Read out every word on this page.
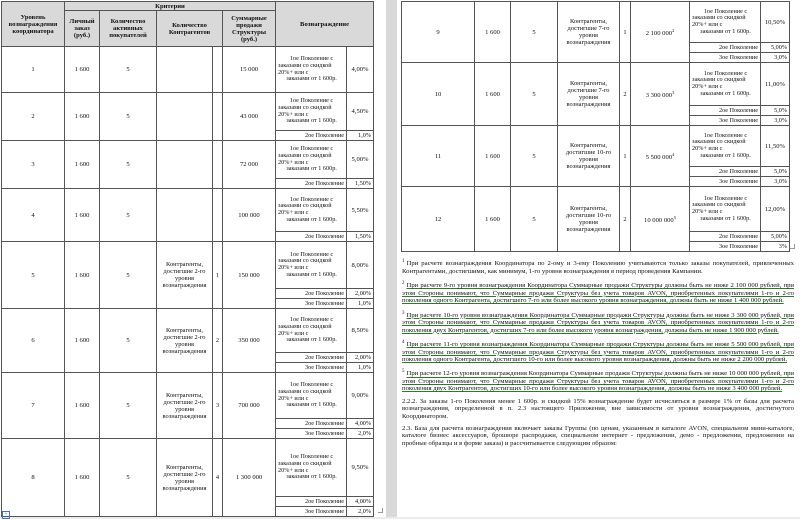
Уровень вознаграждения координатора	Критерии					Вознаграждение	
	Личный заказ (руб.)	Количество активных покупателей	Количество Контрагентов		Суммарные продажи Структуры (руб.)		
1	1 600	5			15 000	1ое Поколение с
заказами со скидкой 20%+ или с
заказами от 1 600р.	4,00%
2	1 600	5			43 000	1ое Поколение с
заказами со скидкой 20%+ или с
заказами от 1 600р.	4,50%
						2ое Поколение	1,0%
3	1 600	5			72 000	1ое Поколение с
заказами со скидкой 20%+ или с
заказами от 1 600р.	5,00%
						2ое Поколение	1,50%
4	1 600	5			100 000	1ое Поколение с
заказами со скидкой 20%+ или с
заказами от 1 600р.	5,50%
						2ое Поколение	1,50%
5	1 600	5	Контрагенты, достигшие 2-го уровня вознаграждения	1	150 000	1ое Поколение с
заказами со скидкой 20%+ или с
заказами от 1 600р.	8,00%
						2ое Поколение	2,00%
						3ое Поколение	1,0%
6	1 600	5	Контрагенты, достигшие 2-го уровня вознаграждения	2	350 000	1ое Поколение с
заказами со скидкой 20%+ или с
заказами от 1 600р.	8,50%
						2ое Поколение	2,00%
						3ое Поколение	1,0%
7	1 600	5	Контрагенты, достигшие 2-го уровня вознаграждения	3	700 000	1ое Поколение с
заказами со скидкой 20%+ или с
заказами от 1 600р.	9,00%
						2ое Поколение	4,00%
						3ое Поколение	2,0%
8	1 600	5	Контрагенты, достигшие 2-го уровня вознаграждения	4	1 300 000	1ое Поколение с
заказами со скидкой 20%+ или с
заказами от 1 600р.	9,50%
						2ое Поколение	4,00%
						3ое Поколение	2,0%
9	1 600	5	Контрагенты, достигшие 7-го уровня вознаграждения	1	2 100 $000^2$	1ое Поколение с
заказами со скидкой 20%+ или с
заказами от 1 600р.	10,50%
						2ое Поколение	5,00%
						3ое Поколение	3,0%
10	1 600	5	Контрагенты, достигшие 7-го уровня вознаграждения	2	3 300 $000^3$	1ое Поколение с
заказами со скидкой 20%+ или с
заказами от 1 600р.	11,00%
						2ое Поколение	5,0%
						3ое Поколение	3,0%
11	1 600	5	Контрагенты, достигшие 10-го уровня вознаграждения	1	5 500 $000^4$	1ое Поколение с
заказами со скидкой 20%+ или с
заказами от 1 600р.	11,50%
						2ое Поколение	5,0%
						3ое Поколение	3,0%
12	1 600	5	Контрагенты, достигшие 10-го уровня вознаграждения	2	10 000 $000^5$	1ое Поколение с
заказами со скидкой 20%+ или с
заказами от 1 600р.	12,00%
						2ое Поколение	5,00%
						3ое Поколение	3%
$^1$ При расчете вознаграждения Координатора по 2-ому и 3-ему Поколению учитываются только заказы покупателей, привлеченных Контрагентами, достигшими, как минимум, 1-го уровня вознаграждения в период проведения Кампании.
$^2$ При расчете 9-го уровня вознаграждения Координатора Суммарные продажи Структуры должны быть не ниже 2 100 000 рублей, при этом Стороны понимают, что Суммарные продажи Структуры без учета товаров AVON, приобретенных покупателями 1-го и 2-го поколения одного Контрагента, достигшего 7-го или более высокого уровня вознаграждения, должны быть не ниже 1 400 000 рублей.
$^3$ При расчете 10-го уровня вознаграждения Координатора Суммарные продажи Структуры должны быть не ниже 3 300 000 рублей, при этом Стороны понимают, что Суммарные продажи Структуры без учета товаров AVON, приобретенных покупателями 1-го и 2-го поколения двух Контрагентов, достигших 7-го или более высокого уровня вознаграждения, должны быть не ниже 1 900 000 рублей.
$^4$ При расчете 11-го уровня вознаграждения Координатора Суммарные продажи Структуры должны быть не ниже 5 500 000 рублей, при этом Стороны понимают, что Суммарные продажи Структуры без учета товаров AVON, приобретенных покупателями 1-го и 2-го поколения одного Контрагента, достигшего 10-го или более высокого уровня вознаграждения, должны быть не ниже 2 200 000 рублей.
$^5$ При расчете 12-го уровня вознаграждения Координатора Суммарные продажи Структуры должны быть не ниже 10 000 000 рублей, при этом Стороны понимают, что Суммарные продажи Структуры без учета товаров AVON, приобретенных покупателями 1-го и 2-го поколения двух Контрагентов, достигших 10-го или более высокого уровня вознаграждения, должны быть не ниже 3 400 000 рублей.
2.2.2. За заказы 1-го Поколения менее 1 600р. и скидкой 15% вознаграждение будет исчисляться в размере 1% от базы для расчета вознаграждения, определенной в п. 2.3 настоящего Приложения, вне зависимости от уровня вознаграждения, достигнутого Координатором.
2.3. База для расчета вознаграждения включает заказы Группы (по ценам, указанным в каталоге AVON, специальном мини-каталоге, каталоге бизнес аксессуаров, брошюре распродажи, специальном интернет - предложении, демо - предложении, предложении на пробные образцы и в форме заказа) и рассчитывается следующим образом:
+
